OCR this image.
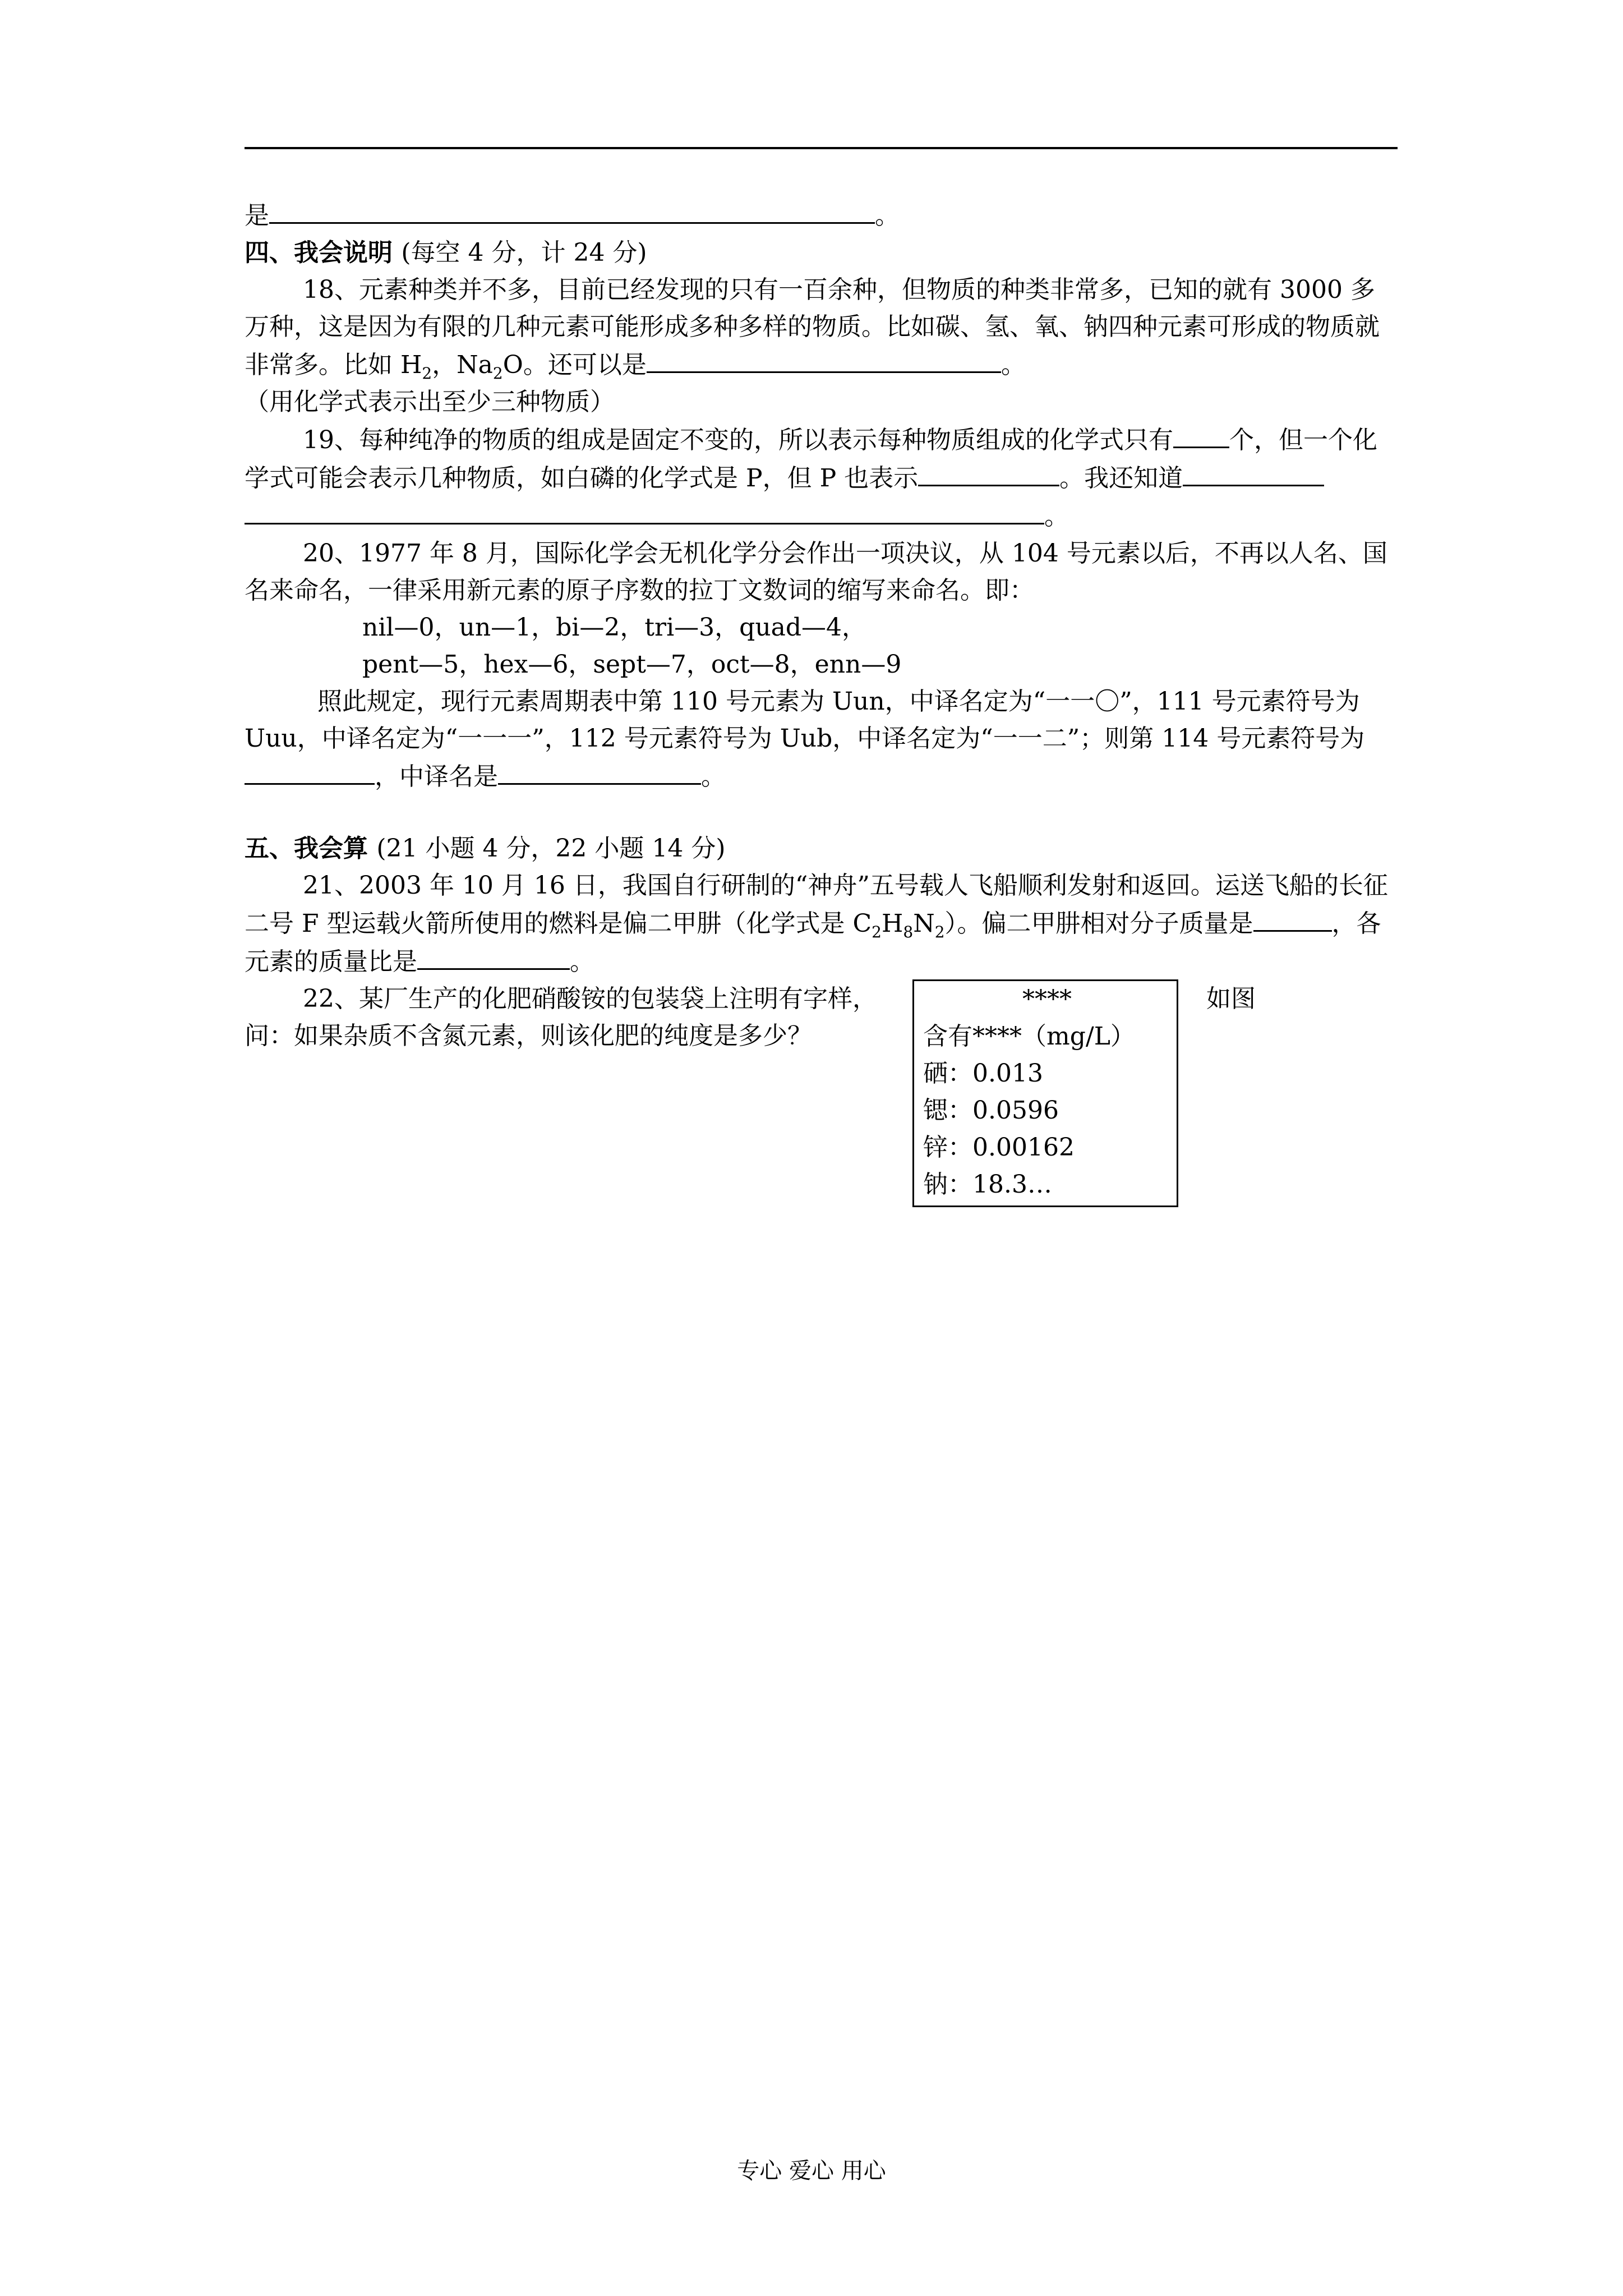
是	。

四、我会说明 (每空 4 分，计 24 分)

18、元素种类并不多，目前已经发现的只有一百余种，但物质的种类非常多，已知的就有 3000 多万种，这是因为有限的几种元素可能形成多种多样的物质。比如碳、氢、氧、钠四种元素可形成的物质就非常多。比如 $H_2$，$Na_2O$。还可以是	。

（用化学式表示出至少三种物质）

19、每种纯净的物质的组成是固定不变的，所以表示每种物质组成的化学式只有 个，但一个化学式可能会表示几种物质，如白磷的化学式是 P，但 P 也表示	。我还知道

。

20、1977 年 8 月，国际化学会无机化学分会作出一项决议，从 104 号元素以后，不再以人名、国名来命名，一律采用新元素的原子序数的拉丁文数词的缩写来命名。即：

nil—0，un—1，bi—2，tri—3，quad—4，

pent—5，hex—6，sept—7，oct—8，enn—9

照此规定，现行元素周期表中第 110 号元素为 Uun，中译名定为“一一〇”，111 号元素符号为 Uuu，中译名定为“一一一”，112 号元素符号为 Uub，中译名定为“一一二”；则第 114 号元素符号为，中译名是	。

五、我会算 (21 小题 4 分，22 小题 14 分)

21、2003 年 10 月 16 日，我国自行研制的“神舟”五号载人飞船顺利发射和返回。运送飞船的长征二号 F 型运载火箭所使用的燃料是偏二甲肼（化学式是 $C_2H_8N_2$）。偏二甲肼相对分子质量是	，各元素的质量比是	。

22、某厂生产的化肥硝酸铵的包装袋上注明有字样，问：如果杂质不含氮元素，则该化肥的纯度是多少？

****
含有****（mg/L）
硒：0.013
锶：0.0596
锌：0.00162
钠：18.3…
如图
专心 爱心 用心
